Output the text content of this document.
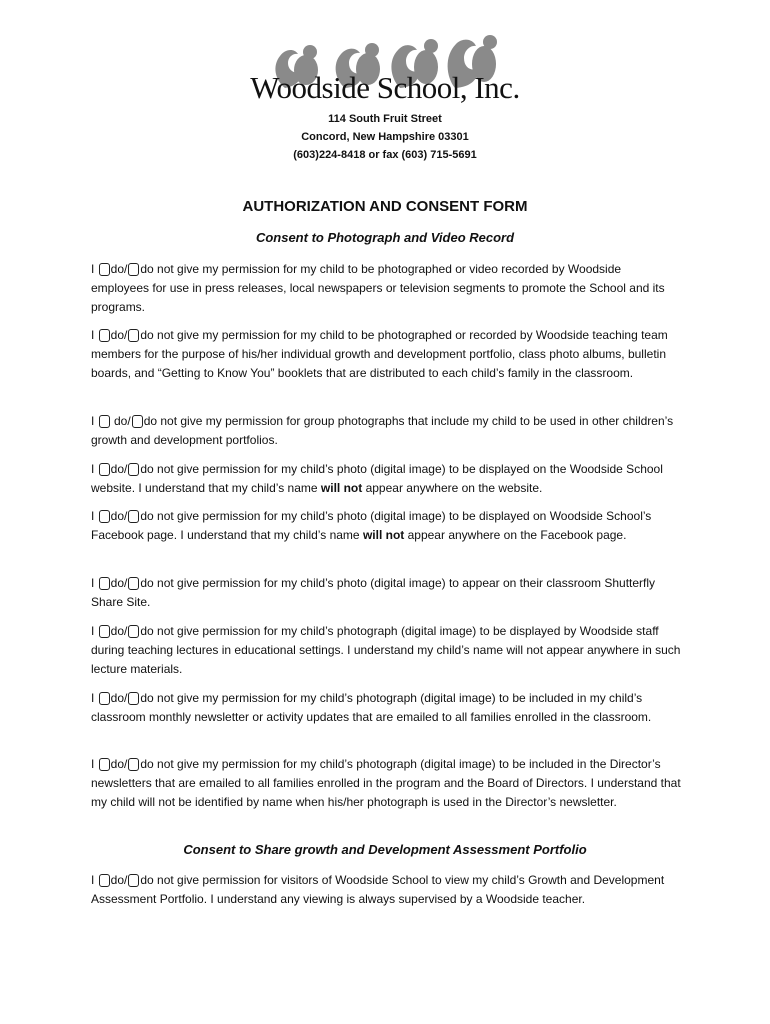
Woodside School, Inc.
114 South Fruit Street
Concord, New Hampshire 03301
(603)224-8418 or fax (603) 715-5691
AUTHORIZATION AND CONSENT FORM
Consent to Photograph and Video Record

I do/ do not give my permission for my child to be photographed or video recorded by Woodside employees for use in press releases, local newspapers or television segments to promote the School and its programs.

I do/ do not give my permission for my child to be photographed or recorded by Woodside teaching team members for the purpose of his/her individual growth and development portfolio, class photo albums, bulletin boards, and “Getting to Know You” booklets that are distributed to each child’s family in the classroom.

I  do/ do not give my permission for group photographs that include my child to be used in other children’s growth and development portfolios.

I do/ do not give permission for my child’s photo (digital image) to be displayed on the Woodside School website. I understand that my child’s name will not appear anywhere on the website.

I do/ do not give permission for my child’s photo (digital image) to be displayed on Woodside School’s Facebook page. I understand that my child’s name will not appear anywhere on the Facebook page.

I do/ do not give permission for my child’s photo (digital image) to appear on their classroom Shutterfly Share Site.

I do/ do not give permission for my child’s photograph (digital image) to be displayed by Woodside staff during teaching lectures in educational settings. I understand my child’s name will not appear anywhere in such lecture materials.

I do/ do not give my permission for my child’s photograph (digital image) to be included in my child’s classroom monthly newsletter or activity updates that are emailed to all families enrolled in the classroom.

I do/ do not give my permission for my child’s photograph (digital image) to be included in the Director’s newsletters that are emailed to all families enrolled in the program and the Board of Directors. I understand that my child will not be identified by name when his/her photograph is used in the Director’s newsletter.

Consent to Share growth and Development Assessment Portfolio

I do/ do not give permission for visitors of Woodside School to view my child’s Growth and Development Assessment Portfolio. I understand any viewing is always supervised by a Woodside teacher.
